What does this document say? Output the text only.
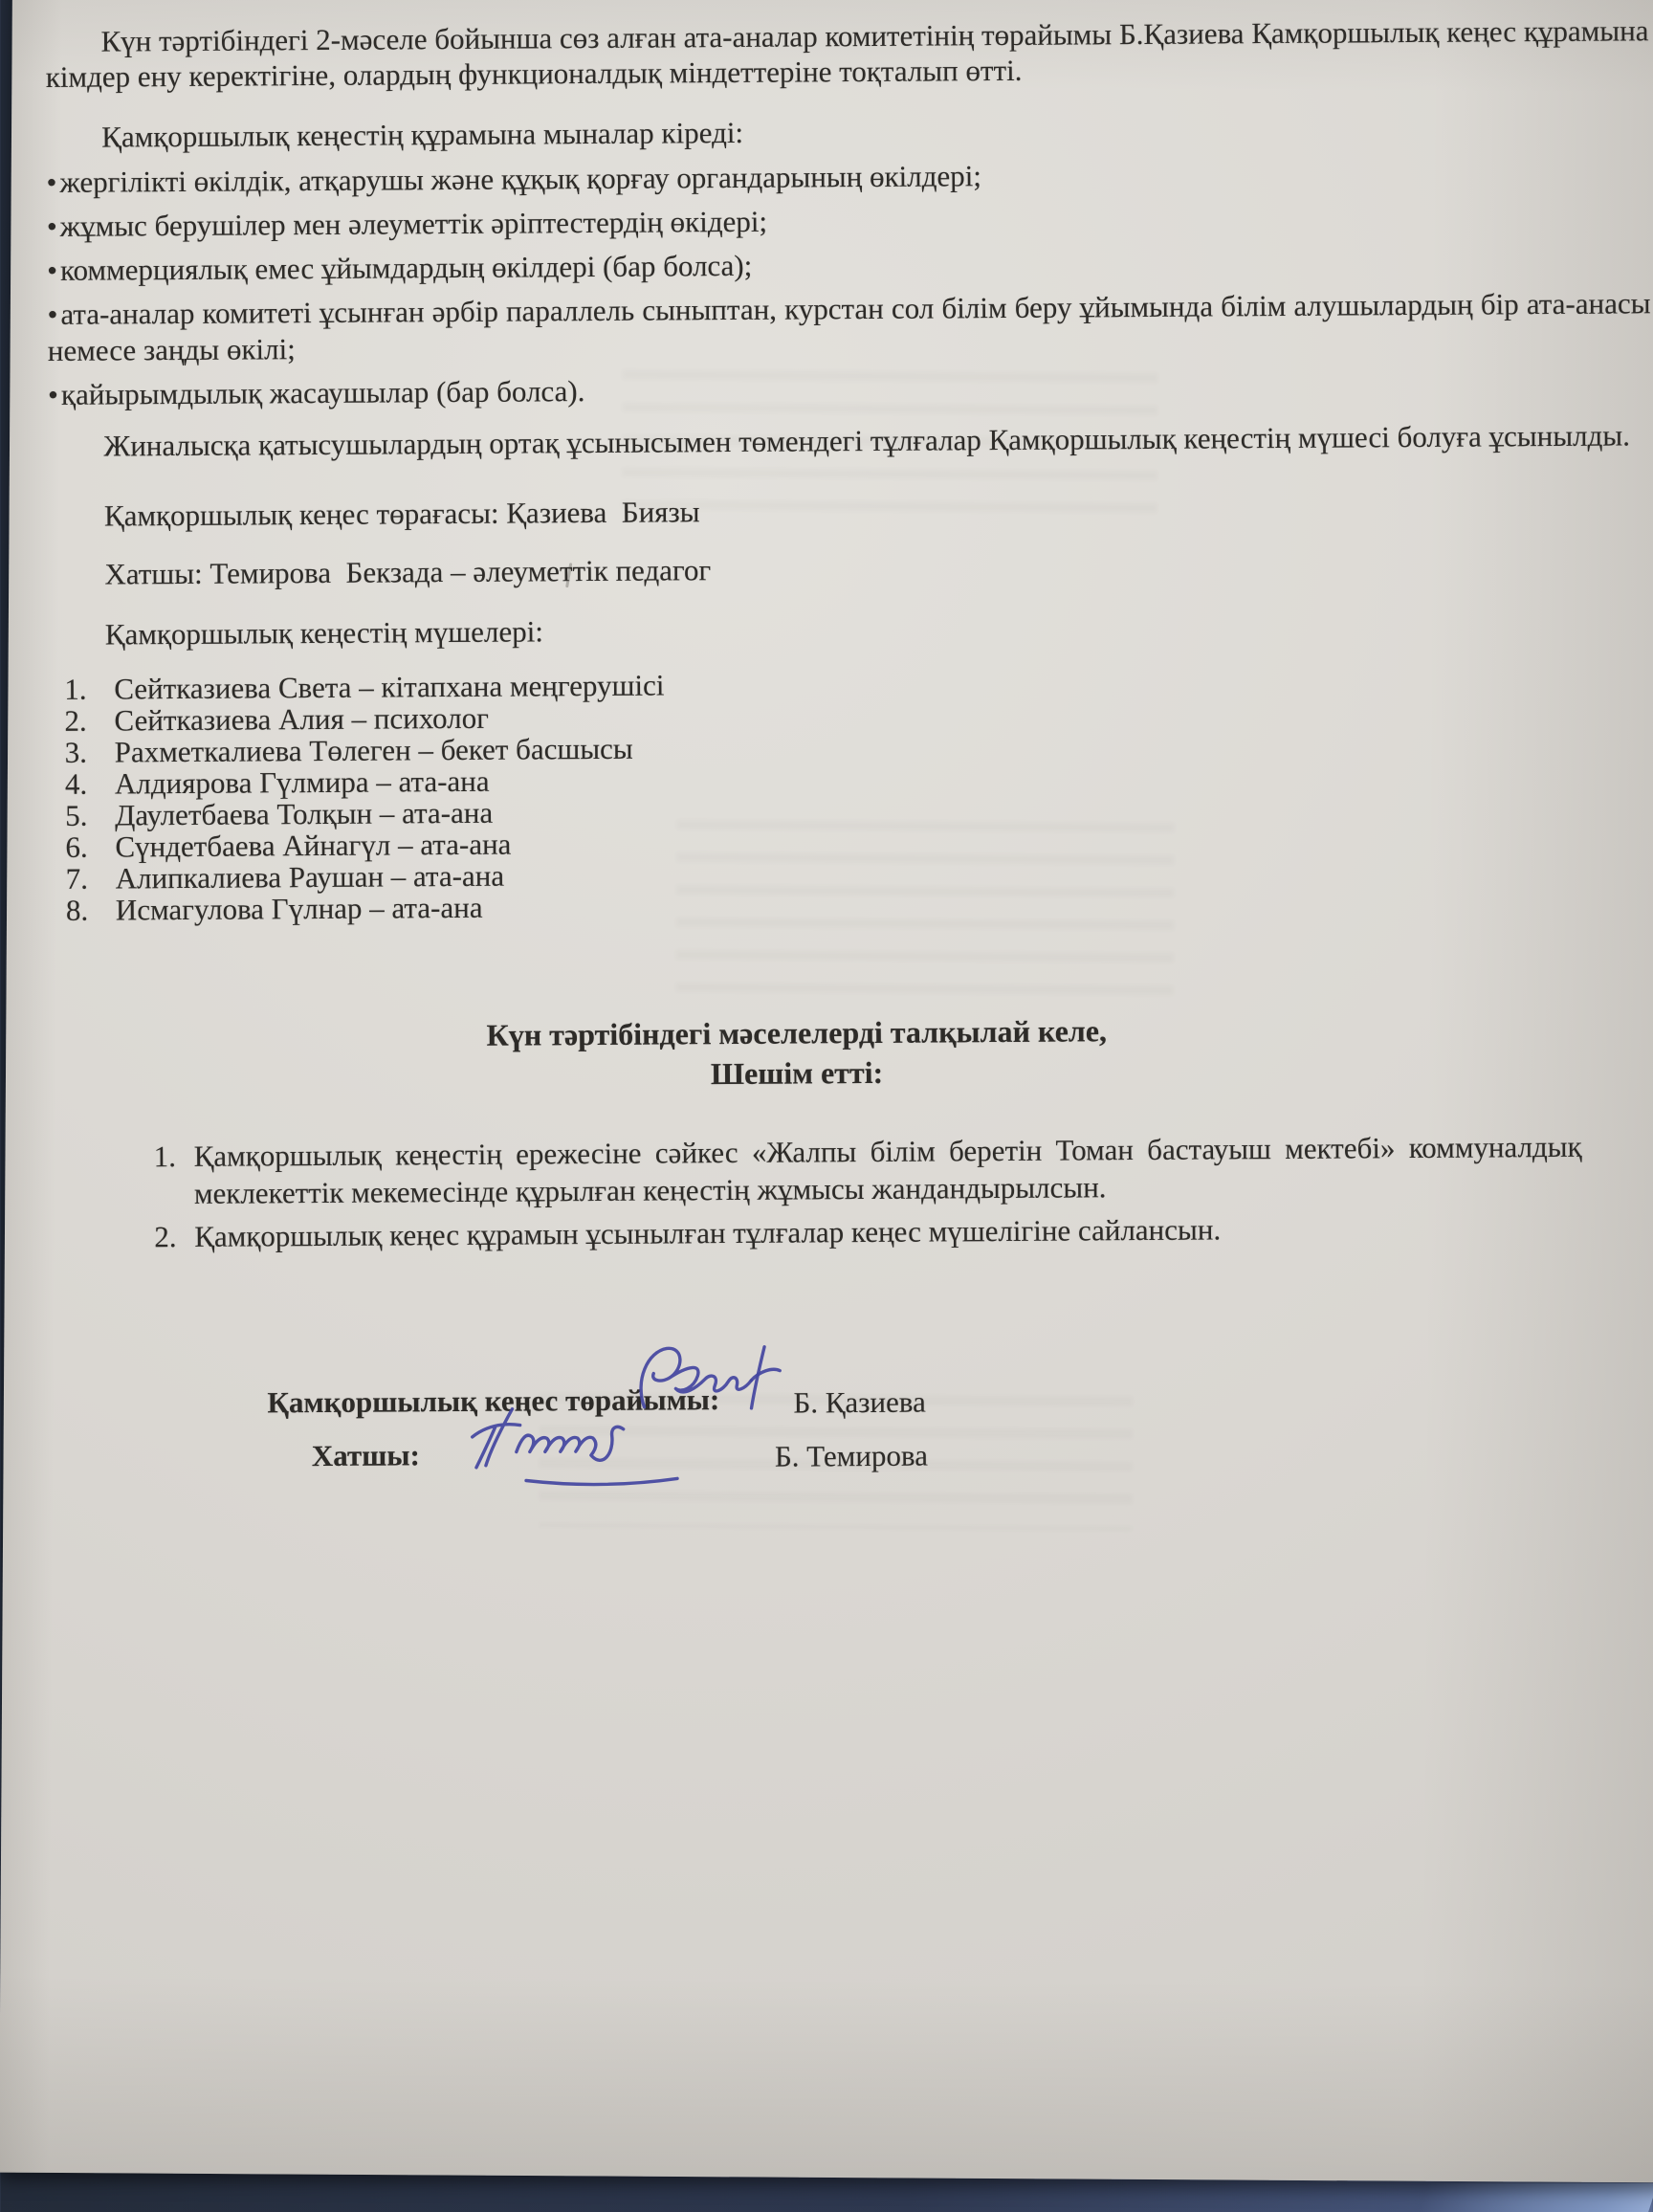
Күн тәртібіндегі 2-мәселе бойынша сөз алған ата-аналар комитетінің төрайымы Б.Қазиева Қамқоршылық кеңес құрамына кімдер ену керектігіне, олардың функционалдық міндеттеріне тоқталып өтті.

Қамқоршылық кеңестің құрамына мыналар кіреді:

•жергілікті өкілдік, атқарушы және құқық қорғау органдарының өкілдері;
•жұмыс берушілер мен әлеуметтік әріптестердің өкідері;
•коммерциялық емес ұйымдардың өкілдері (бар болса);
•ата-аналар комитеті ұсынған әрбір параллель сыныптан, курстан сол білім беру ұйымында білім алушылардың бір ата-анасы немесе заңды өкілі;
•қайырымдылық жасаушылар (бар болса).

Жиналысқа қатысушылардың ортақ ұсынысымен төмендегі тұлғалар Қамқоршылық кеңестің мүшесі болуға ұсынылды.

Қамқоршылық кеңес төрағасы: Қазиева  Биязы

Хатшы: Темирова  Бекзада – әлеуметтік педагог

Қамқоршылық кеңестің мүшелері:

Сейтказиева Света – кітапхана меңгерушісі
Сейтказиева Алия – психолог
Рахметкалиева Төлеген – бекет басшысы
Алдиярова Гүлмира – ата-ана
Даулетбаева Толқын – ата-ана
Сүндетбаева Айнагүл – ата-ана
Алипкалиева Раушан – ата-ана
Исмагулова Гүлнар – ата-ана

Күн тәртібіндегі мәселелерді талқылай келе,

Шешім етті:

Қамқоршылық кеңестің ережесіне сәйкес «Жалпы білім беретін Томан бастауыш мектебі» коммуналдық меклекеттік мекемесінде құрылған кеңестің жұмысы жандандырылсын.
Қамқоршылық кеңес құрамын ұсынылған тұлғалар кеңес мүшелігіне сайлансын.
Қамқоршылық кеңес төрайымы:
Хатшы:
Б. Қазиева
Б. Темирова
